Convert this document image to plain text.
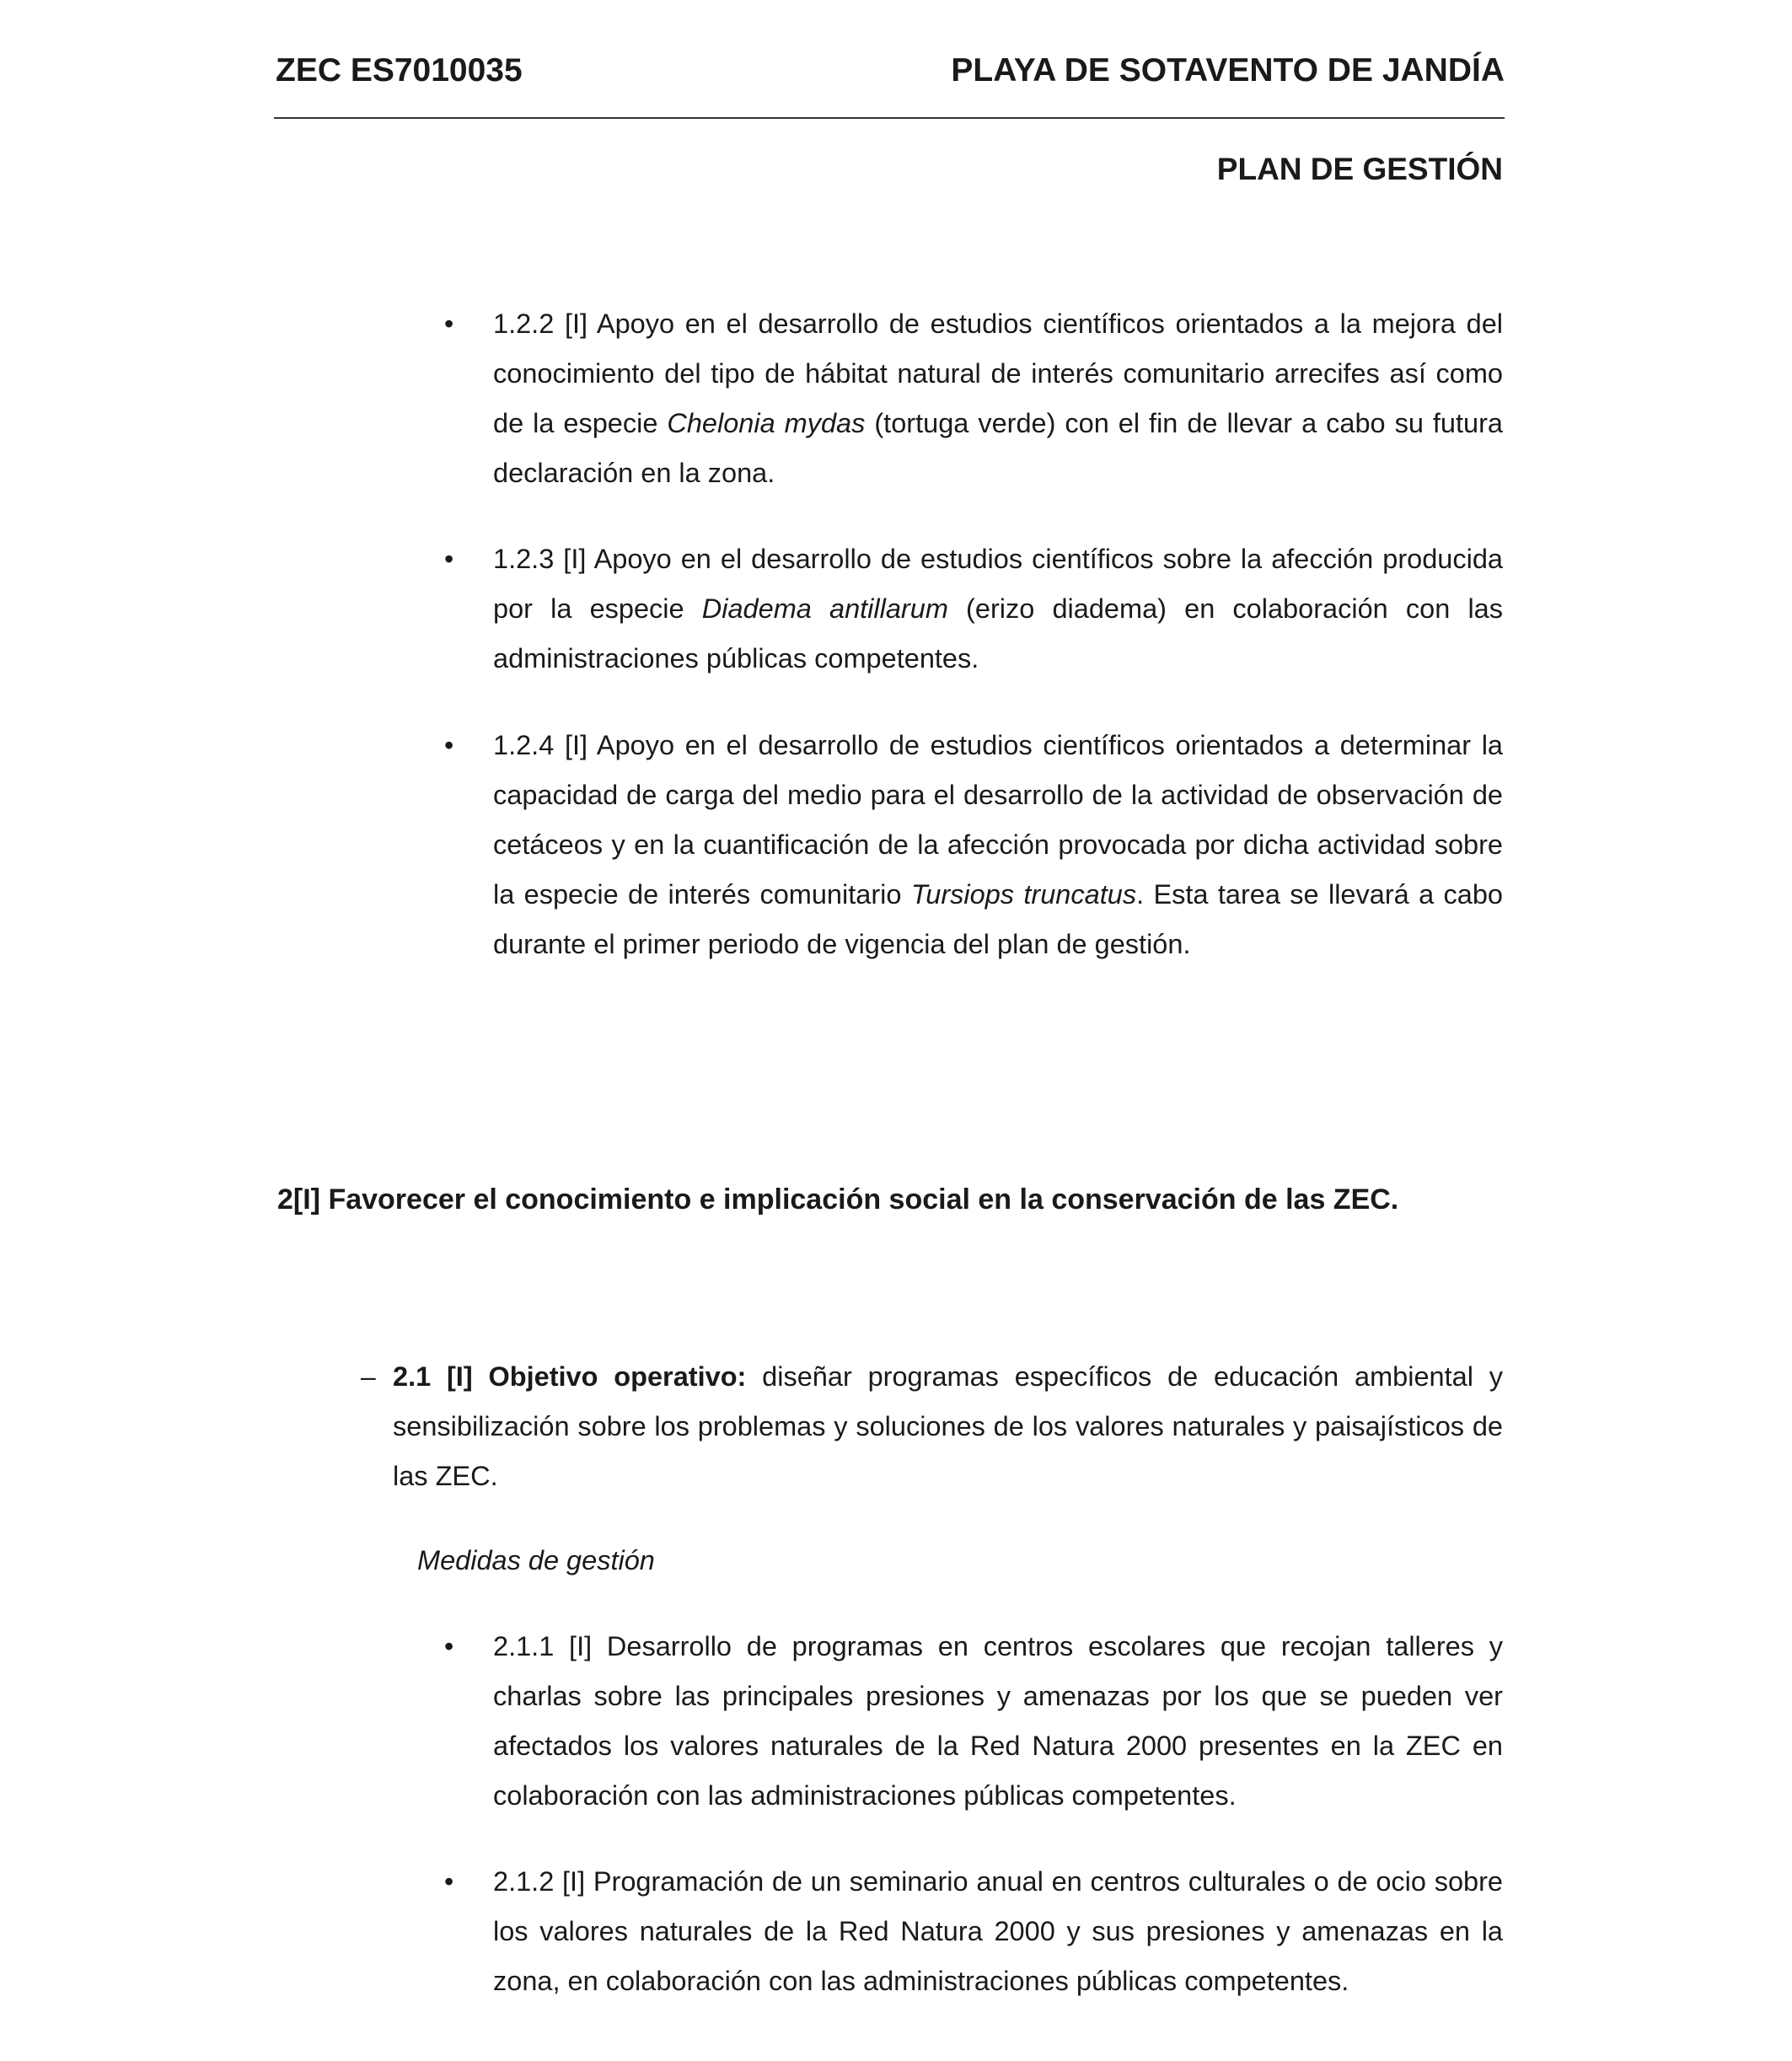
ZEC ES7010035	PLAYA DE SOTAVENTO DE JANDÍA
PLAN DE GESTIÓN
• 1.2.2 [I] Apoyo en el desarrollo de estudios científicos orientados a la mejora del conocimiento del tipo de hábitat natural de interés comunitario arrecifes así como de la especie Chelonia mydas (tortuga verde) con el fin de llevar a cabo su futura declaración en la zona.
• 1.2.3 [I] Apoyo en el desarrollo de estudios científicos sobre la afección producida por la especie Diadema antillarum (erizo diadema) en colaboración con las administraciones públicas competentes.
• 1.2.4 [I] Apoyo en el desarrollo de estudios científicos orientados a determinar la capacidad de carga del medio para el desarrollo de la actividad de observación de cetáceos y en la cuantificación de la afección provocada por dicha actividad sobre la especie de interés comunitario Tursiops truncatus. Esta tarea se llevará a cabo durante el primer periodo de vigencia del plan de gestión.
2[I] Favorecer el conocimiento e implicación social en la conservación de las ZEC.
– 2.1 [I] Objetivo operativo: diseñar programas específicos de educación ambiental y sensibilización sobre los problemas y soluciones de los valores naturales y paisajísticos de las ZEC.
Medidas de gestión
• 2.1.1 [I] Desarrollo de programas en centros escolares que recojan talleres y charlas sobre las principales presiones y amenazas por los que se pueden ver afectados los valores naturales de la Red Natura 2000 presentes en la ZEC en colaboración con las administraciones públicas competentes.
• 2.1.2 [I] Programación de un seminario anual en centros culturales o de ocio sobre los valores naturales de la Red Natura 2000 y sus presiones y amenazas en la zona, en colaboración con las administraciones públicas competentes.
